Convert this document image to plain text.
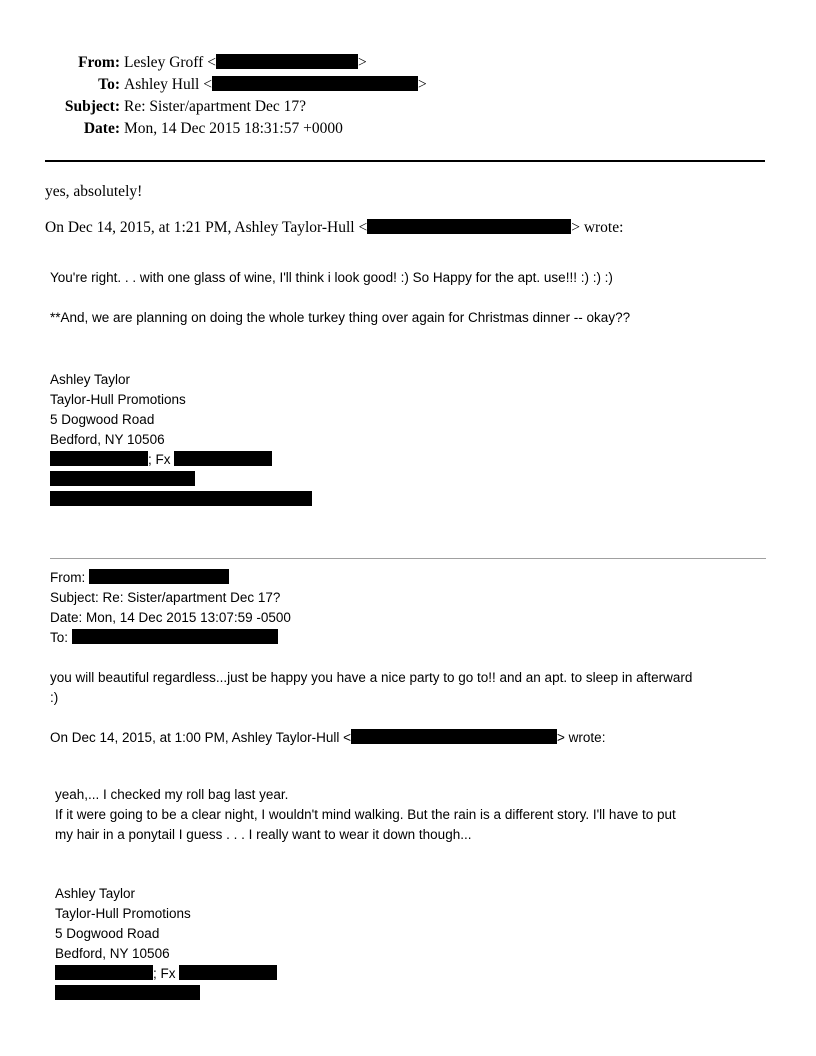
From: Lesley Groff <	>
To: Ashley Hull <	>
Subject: Re: Sister/apartment Dec 17?
Date: Mon, 14 Dec 2015 18:31:57 +0000
yes, absolutely!
On Dec 14, 2015, at 1:21 PM, Ashley Taylor-Hull <	> wrote:
You're right. . . with one glass of wine, I'll think i look good! :) So Happy for the apt. use!!! :) :) :)
**And, we are planning on doing the whole turkey thing over again for Christmas dinner -- okay??
Ashley Taylor
Taylor-Hull Promotions
5 Dogwood Road
Bedford, NY 10506
; Fx
From:
Subject: Re: Sister/apartment Dec 17?
Date: Mon, 14 Dec 2015 13:07:59 -0500
To:
you will beautiful regardless...just be happy you have a nice party to go to!! and an apt. to sleep in afterward
:)
On Dec 14, 2015, at 1:00 PM, Ashley Taylor-Hull <	> wrote:
yeah,... I checked my roll bag last year.
If it were going to be a clear night, I wouldn't mind walking. But the rain is a different story. I'll have to put
my hair in a ponytail I guess . . . I really want to wear it down though...
Ashley Taylor
Taylor-Hull Promotions
5 Dogwood Road
Bedford, NY 10506
; Fx
